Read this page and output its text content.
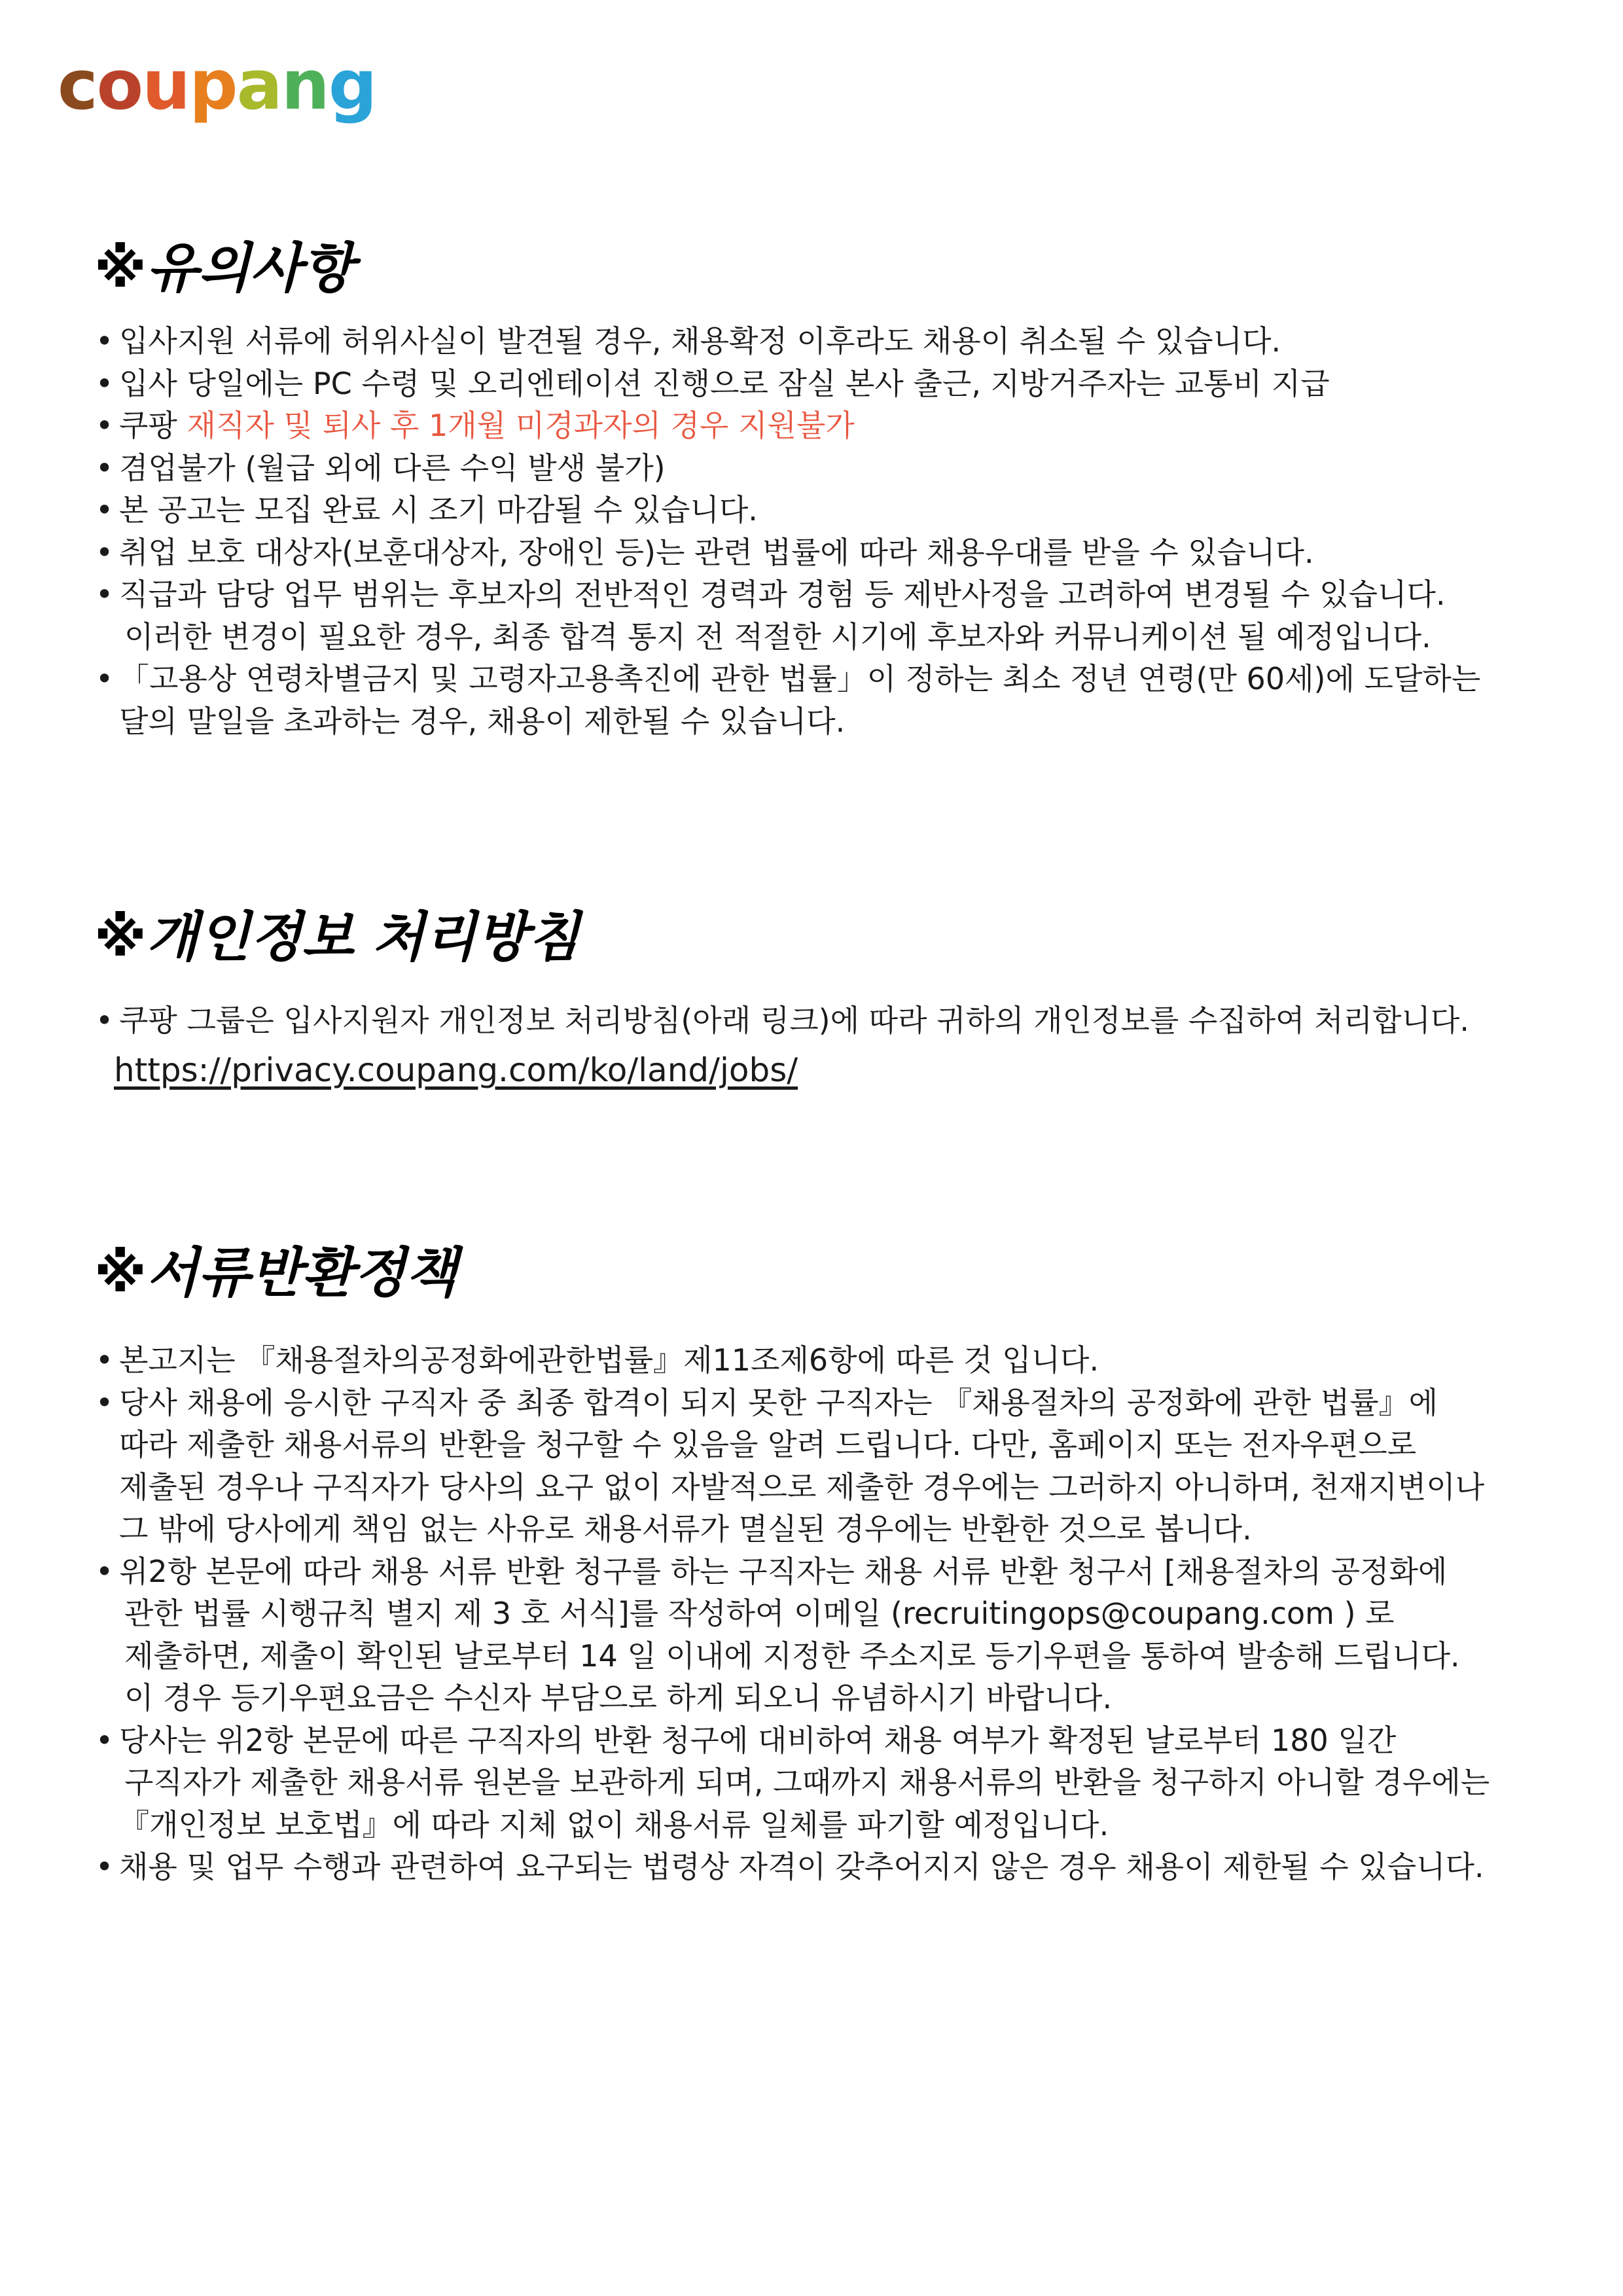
coupang
※유의사항
• 입사지원 서류에 허위사실이 발견될 경우, 채용확정 이후라도 채용이 취소될 수 있습니다.
• 입사 당일에는 PC 수령 및 오리엔테이션 진행으로 잠실 본사 출근, 지방거주자는 교통비 지급
• 쿠팡 재직자 및 퇴사 후 1개월 미경과자의 경우 지원불가
• 겸업불가 (월급 외에 다른 수익 발생 불가)
• 본 공고는 모집 완료 시 조기 마감될 수 있습니다.
• 취업 보호 대상자(보훈대상자, 장애인 등)는 관련 법률에 따라 채용우대를 받을 수 있습니다.
• 직급과 담당 업무 범위는 후보자의 전반적인 경력과 경험 등 제반사정을 고려하여 변경될 수 있습니다.
이러한 변경이 필요한 경우, 최종 합격 통지 전 적절한 시기에 후보자와 커뮤니케이션 될 예정입니다.
• 「고용상 연령차별금지 및 고령자고용촉진에 관한 법률」이 정하는 최소 정년 연령(만 60세)에 도달하는
달의 말일을 초과하는 경우, 채용이 제한될 수 있습니다.
※개인정보 처리방침
• 쿠팡 그룹은 입사지원자 개인정보 처리방침(아래 링크)에 따라 귀하의 개인정보를 수집하여 처리합니다.
https://privacy.coupang.com/ko/land/jobs/
※서류반환정책
• 본고지는 『채용절차의공정화에관한법률』제11조제6항에 따른 것 입니다.
• 당사 채용에 응시한 구직자 중 최종 합격이 되지 못한 구직자는 『채용절차의 공정화에 관한 법률』에
따라 제출한 채용서류의 반환을 청구할 수 있음을 알려 드립니다. 다만, 홈페이지 또는 전자우편으로
제출된 경우나 구직자가 당사의 요구 없이 자발적으로 제출한 경우에는 그러하지 아니하며, 천재지변이나
그 밖에 당사에게 책임 없는 사유로 채용서류가 멸실된 경우에는 반환한 것으로 봅니다.
• 위2항 본문에 따라 채용 서류 반환 청구를 하는 구직자는 채용 서류 반환 청구서 [채용절차의 공정화에
관한 법률 시행규칙 별지 제 3 호 서식]를 작성하여 이메일 (recruitingops@coupang.com ) 로
제출하면, 제출이 확인된 날로부터 14 일 이내에 지정한 주소지로 등기우편을 통하여 발송해 드립니다.
이 경우 등기우편요금은 수신자 부담으로 하게 되오니 유념하시기 바랍니다.
• 당사는 위2항 본문에 따른 구직자의 반환 청구에 대비하여 채용 여부가 확정된 날로부터 180 일간
구직자가 제출한 채용서류 원본을 보관하게 되며, 그때까지 채용서류의 반환을 청구하지 아니할 경우에는
『개인정보 보호법』에 따라 지체 없이 채용서류 일체를 파기할 예정입니다.
• 채용 및 업무 수행과 관련하여 요구되는 법령상 자격이 갖추어지지 않은 경우 채용이 제한될 수 있습니다.
